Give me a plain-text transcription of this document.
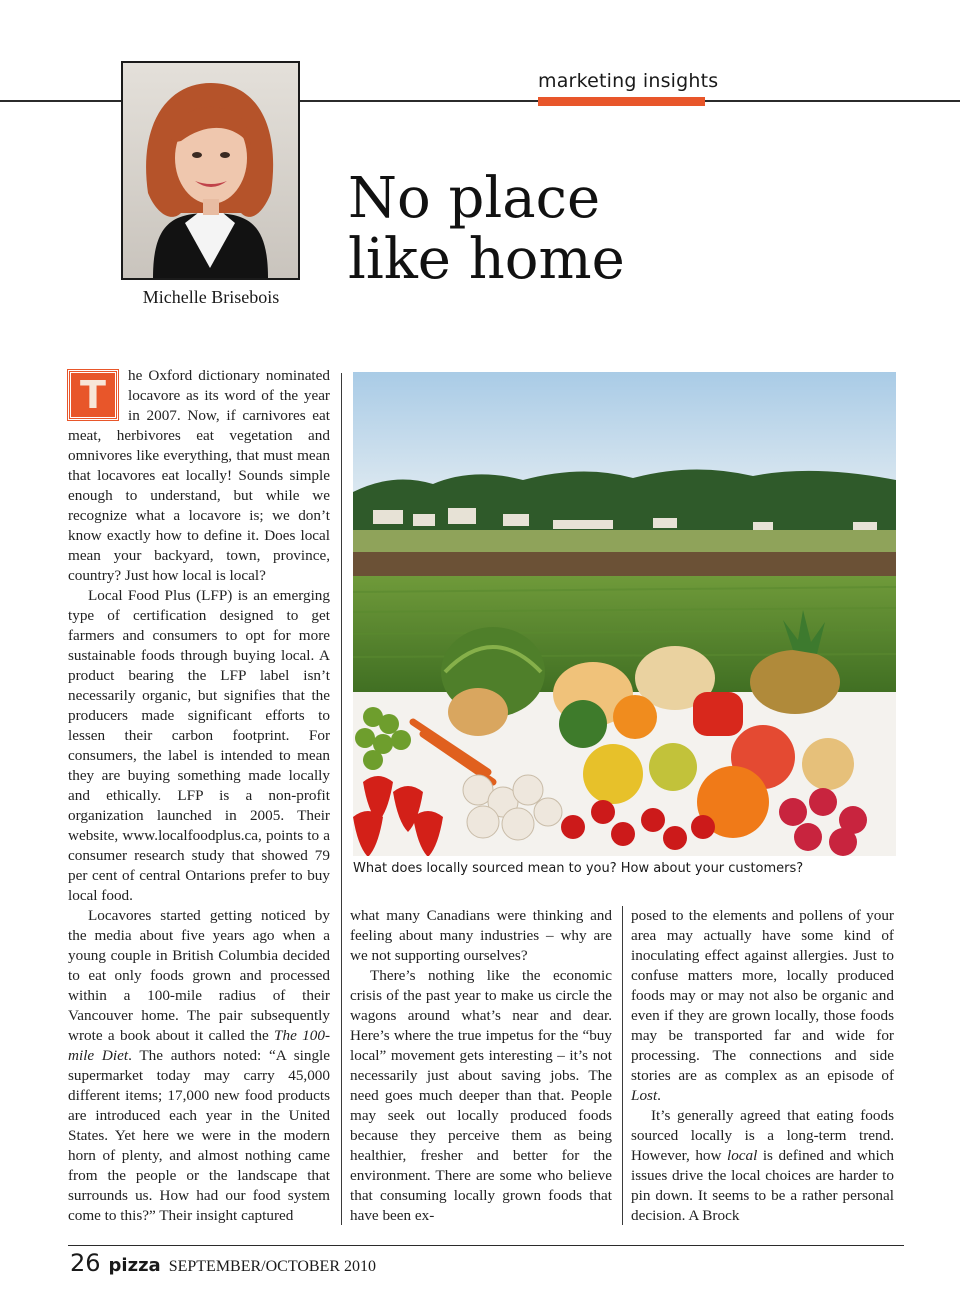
marketing insights
Michelle Brisebois
No place
like home

T	he Oxford dictionary nominated locavore as its word of the year in 2007. Now, if carnivores eat meat, herbivores eat vegetation and omnivores like everything, that must mean that locavores eat locally! Sounds simple enough to understand, but while we recognize what a locavore is; we don’t know exactly how to define it. Does local mean your backyard, town, province, country? Just how local is local?

Local Food Plus (LFP) is an emerging type of certification designed to get farmers and consumers to opt for more sustainable foods through buying local. A product bearing the LFP label isn’t necessarily organic, but signifies that the producers made significant efforts to lessen their carbon footprint. For consumers, the label is intended to mean they are buying something made locally and ethically. LFP is a non-profit organization launched in 2005. Their website, www.localfoodplus.ca, points to a consumer research study that showed 79 per cent of central Ontarions prefer to buy local food.

Locavores started getting noticed by the media about five years ago when a young couple in British Columbia decided to eat only foods grown and processed within a 100-mile radius of their Vancouver home. The pair subsequently wrote a book about it called the The 100-mile Diet. The authors noted: “A single supermarket today may carry 45,000 different items; 17,000 new food products are introduced each year in the United States. Yet here we were in the modern horn of plenty, and almost nothing came from the people or the landscape that surrounds us. How had our food system come to this?” Their insight captured

What does locally sourced mean to you? How about your customers?

what many Canadians were thinking and feeling about many industries – why are we not supporting ourselves?

There’s nothing like the economic crisis of the past year to make us circle the wagons around what’s near and dear. Here’s where the true impetus for the “buy local” movement gets interesting – it’s not necessarily just about saving jobs. The need goes much deeper than that. People may seek out locally produced foods because they perceive them as being healthier, fresher and better for the environment. There are some who believe that consuming locally grown foods that have been ex-

posed to the elements and pollens of your area may actually have some kind of inoculating effect against allergies. Just to confuse matters more, locally produced foods may or may not also be organic and even if they are grown locally, those foods may be transported far and wide for processing. The connections and side stories are as complex as an episode of Lost.

It’s generally agreed that eating foods sourced locally is a long-term trend. However, how local is defined and which issues drive the local choices are harder to pin down. It seems to be a rather personal decision. A Brock

26 pizza SEPTEMBER/OCTOBER 2010
